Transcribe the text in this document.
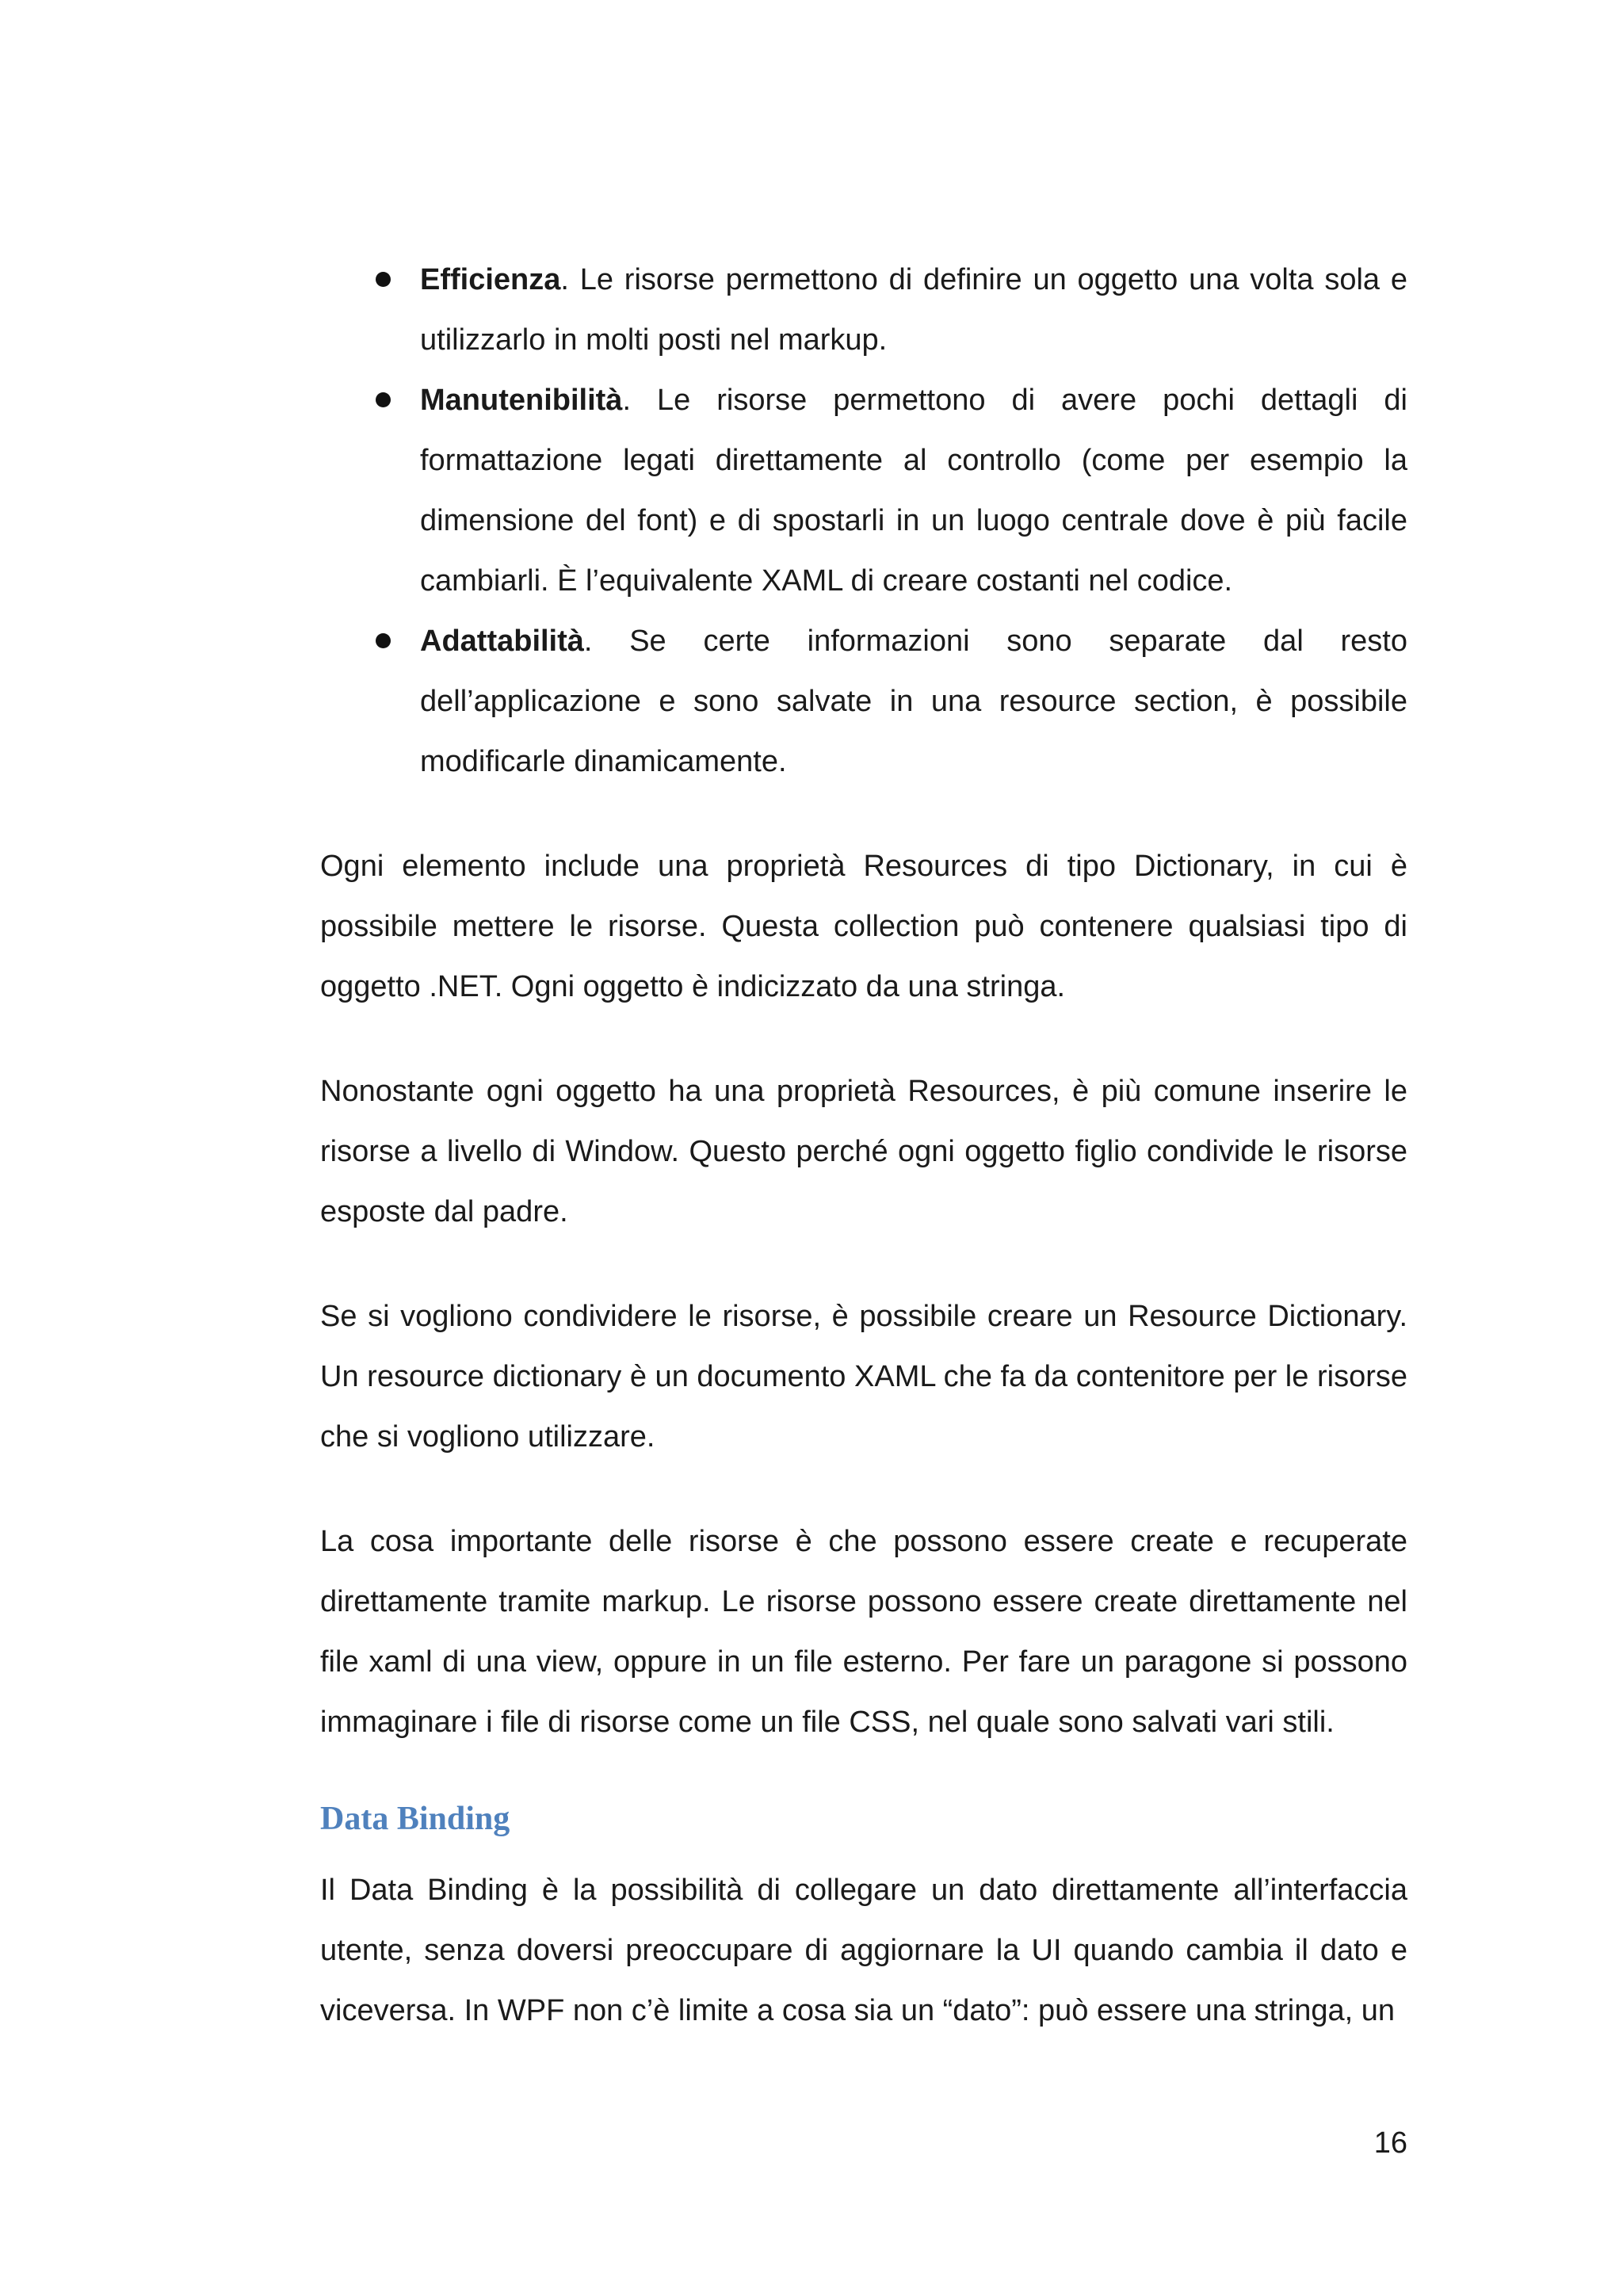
Efficienza. Le risorse permettono di definire un oggetto una volta sola e utilizzarlo in molti posti nel markup.
Manutenibilità. Le risorse permettono di avere pochi dettagli di formattazione legati direttamente al controllo (come per esempio la dimensione del font) e di spostarli in un luogo centrale dove è più facile cambiarli. È l’equivalente XAML di creare costanti nel codice.
Adattabilità. Se certe informazioni sono separate dal resto dell’applicazione e sono salvate in una resource section, è possibile modificarle dinamicamente.

Ogni elemento include una proprietà Resources di tipo Dictionary, in cui è possibile mettere le risorse. Questa collection può contenere qualsiasi tipo di oggetto .NET. Ogni oggetto è indicizzato da una stringa.

Nonostante ogni oggetto ha una proprietà Resources, è più comune inserire le risorse a livello di Window. Questo perché ogni oggetto figlio condivide le risorse esposte dal padre.

Se si vogliono condividere le risorse, è possibile creare un Resource Dictionary. Un resource dictionary è un documento XAML che fa da contenitore per le risorse che si vogliono utilizzare.

La cosa importante delle risorse è che possono essere create e recuperate direttamente tramite markup. Le risorse possono essere create direttamente nel file xaml di una view, oppure in un file esterno. Per fare un paragone si possono immaginare i file di risorse come un file CSS, nel quale sono salvati vari stili.

Data Binding

Il Data Binding è la possibilità di collegare un dato direttamente all’interfaccia utente, senza doversi preoccupare di aggiornare la UI quando cambia il dato e viceversa. In WPF non c’è limite a cosa sia un “dato”: può essere una stringa, un

16
